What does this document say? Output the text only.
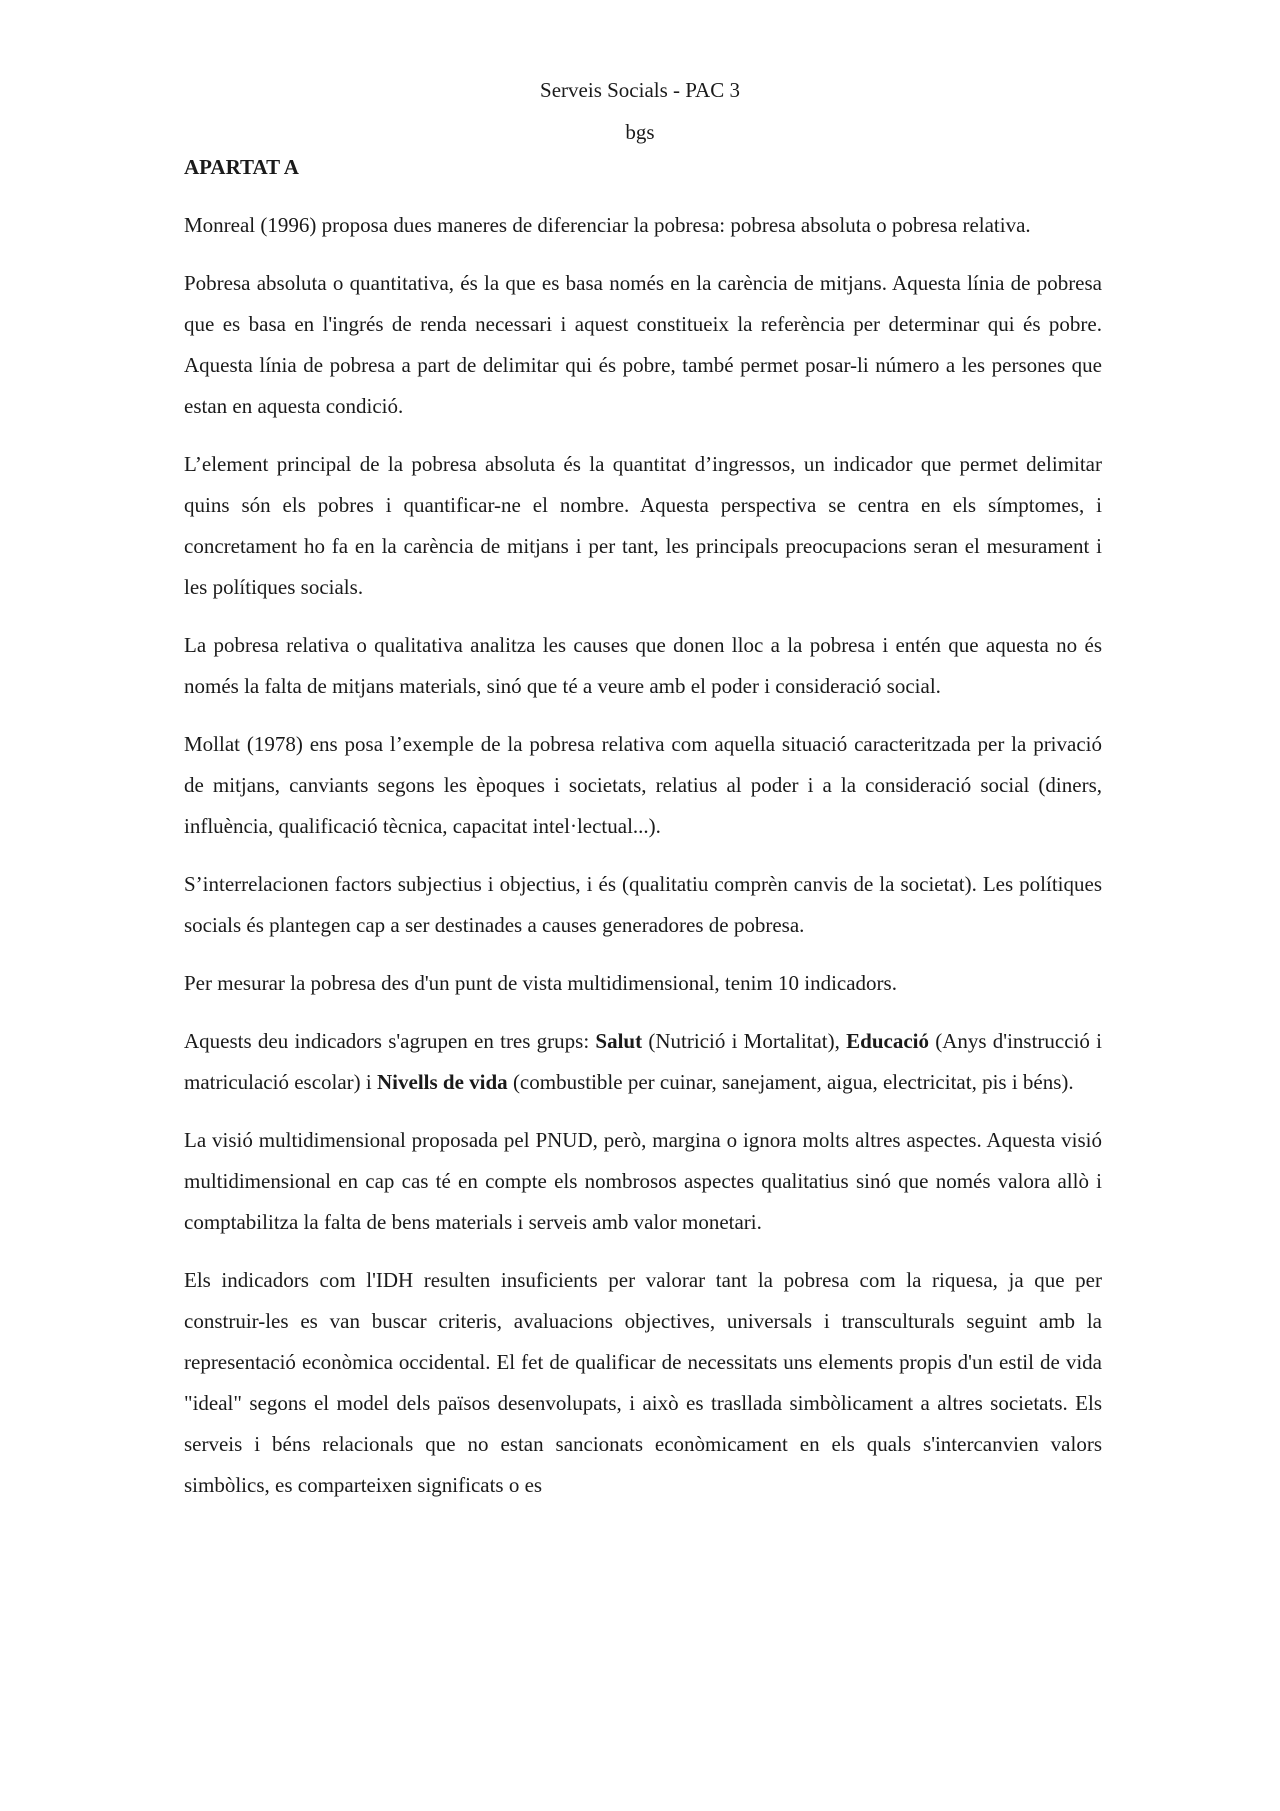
Serveis Socials - PAC 3
bgs
APARTAT A

Monreal (1996) proposa dues maneres de diferenciar la pobresa: pobresa absoluta o pobresa relativa.

Pobresa absoluta o quantitativa, és la que es basa només en la carència de mitjans. Aquesta línia de pobresa que es basa en l'ingrés de renda necessari i aquest constitueix la referència per determinar qui és pobre. Aquesta línia de pobresa a part de delimitar qui és pobre, també permet posar-li número a les persones que estan en aquesta condició.

L’element principal de la pobresa absoluta és la quantitat d’ingressos, un indicador que permet delimitar quins són els pobres i quantificar-ne el nombre. Aquesta perspectiva se centra en els símptomes, i concretament ho fa en la carència de mitjans i per tant, les principals preocupacions seran el mesurament i les polítiques socials.

La pobresa relativa o qualitativa analitza les causes que donen lloc a la pobresa i entén que aquesta no és només la falta de mitjans materials, sinó que té a veure amb el poder i consideració social.

Mollat (1978) ens posa l’exemple de la pobresa relativa com aquella situació caracteritzada per la privació de mitjans, canviants segons les èpoques i societats, relatius al poder i a la consideració social (diners, influència, qualificació tècnica, capacitat intel·lectual...).

S’interrelacionen factors subjectius i objectius, i és (qualitatiu comprèn canvis de la societat). Les polítiques socials és plantegen cap a ser destinades a causes generadores de pobresa.

Per mesurar la pobresa des d'un punt de vista multidimensional, tenim 10 indicadors.

Aquests deu indicadors s'agrupen en tres grups: Salut (Nutrició i Mortalitat), Educació (Anys d'instrucció i matriculació escolar) i Nivells de vida (combustible per cuinar, sanejament, aigua, electricitat, pis i béns).

La visió multidimensional proposada pel PNUD, però, margina o ignora molts altres aspectes. Aquesta visió multidimensional en cap cas té en compte els nombrosos aspectes qualitatius sinó que només valora allò i comptabilitza la falta de bens materials i serveis amb valor monetari.

Els indicadors com l'IDH resulten insuficients per valorar tant la pobresa com la riquesa, ja que per construir-les es van buscar criteris, avaluacions objectives, universals i transculturals seguint amb la representació econòmica occidental. El fet de qualificar de necessitats uns elements propis d'un estil de vida "ideal" segons el model dels països desenvolupats, i això es trasllada simbòlicament a altres societats. Els serveis i béns relacionals que no estan sancionats econòmicament en els quals s'intercanvien valors simbòlics, es comparteixen significats o es
